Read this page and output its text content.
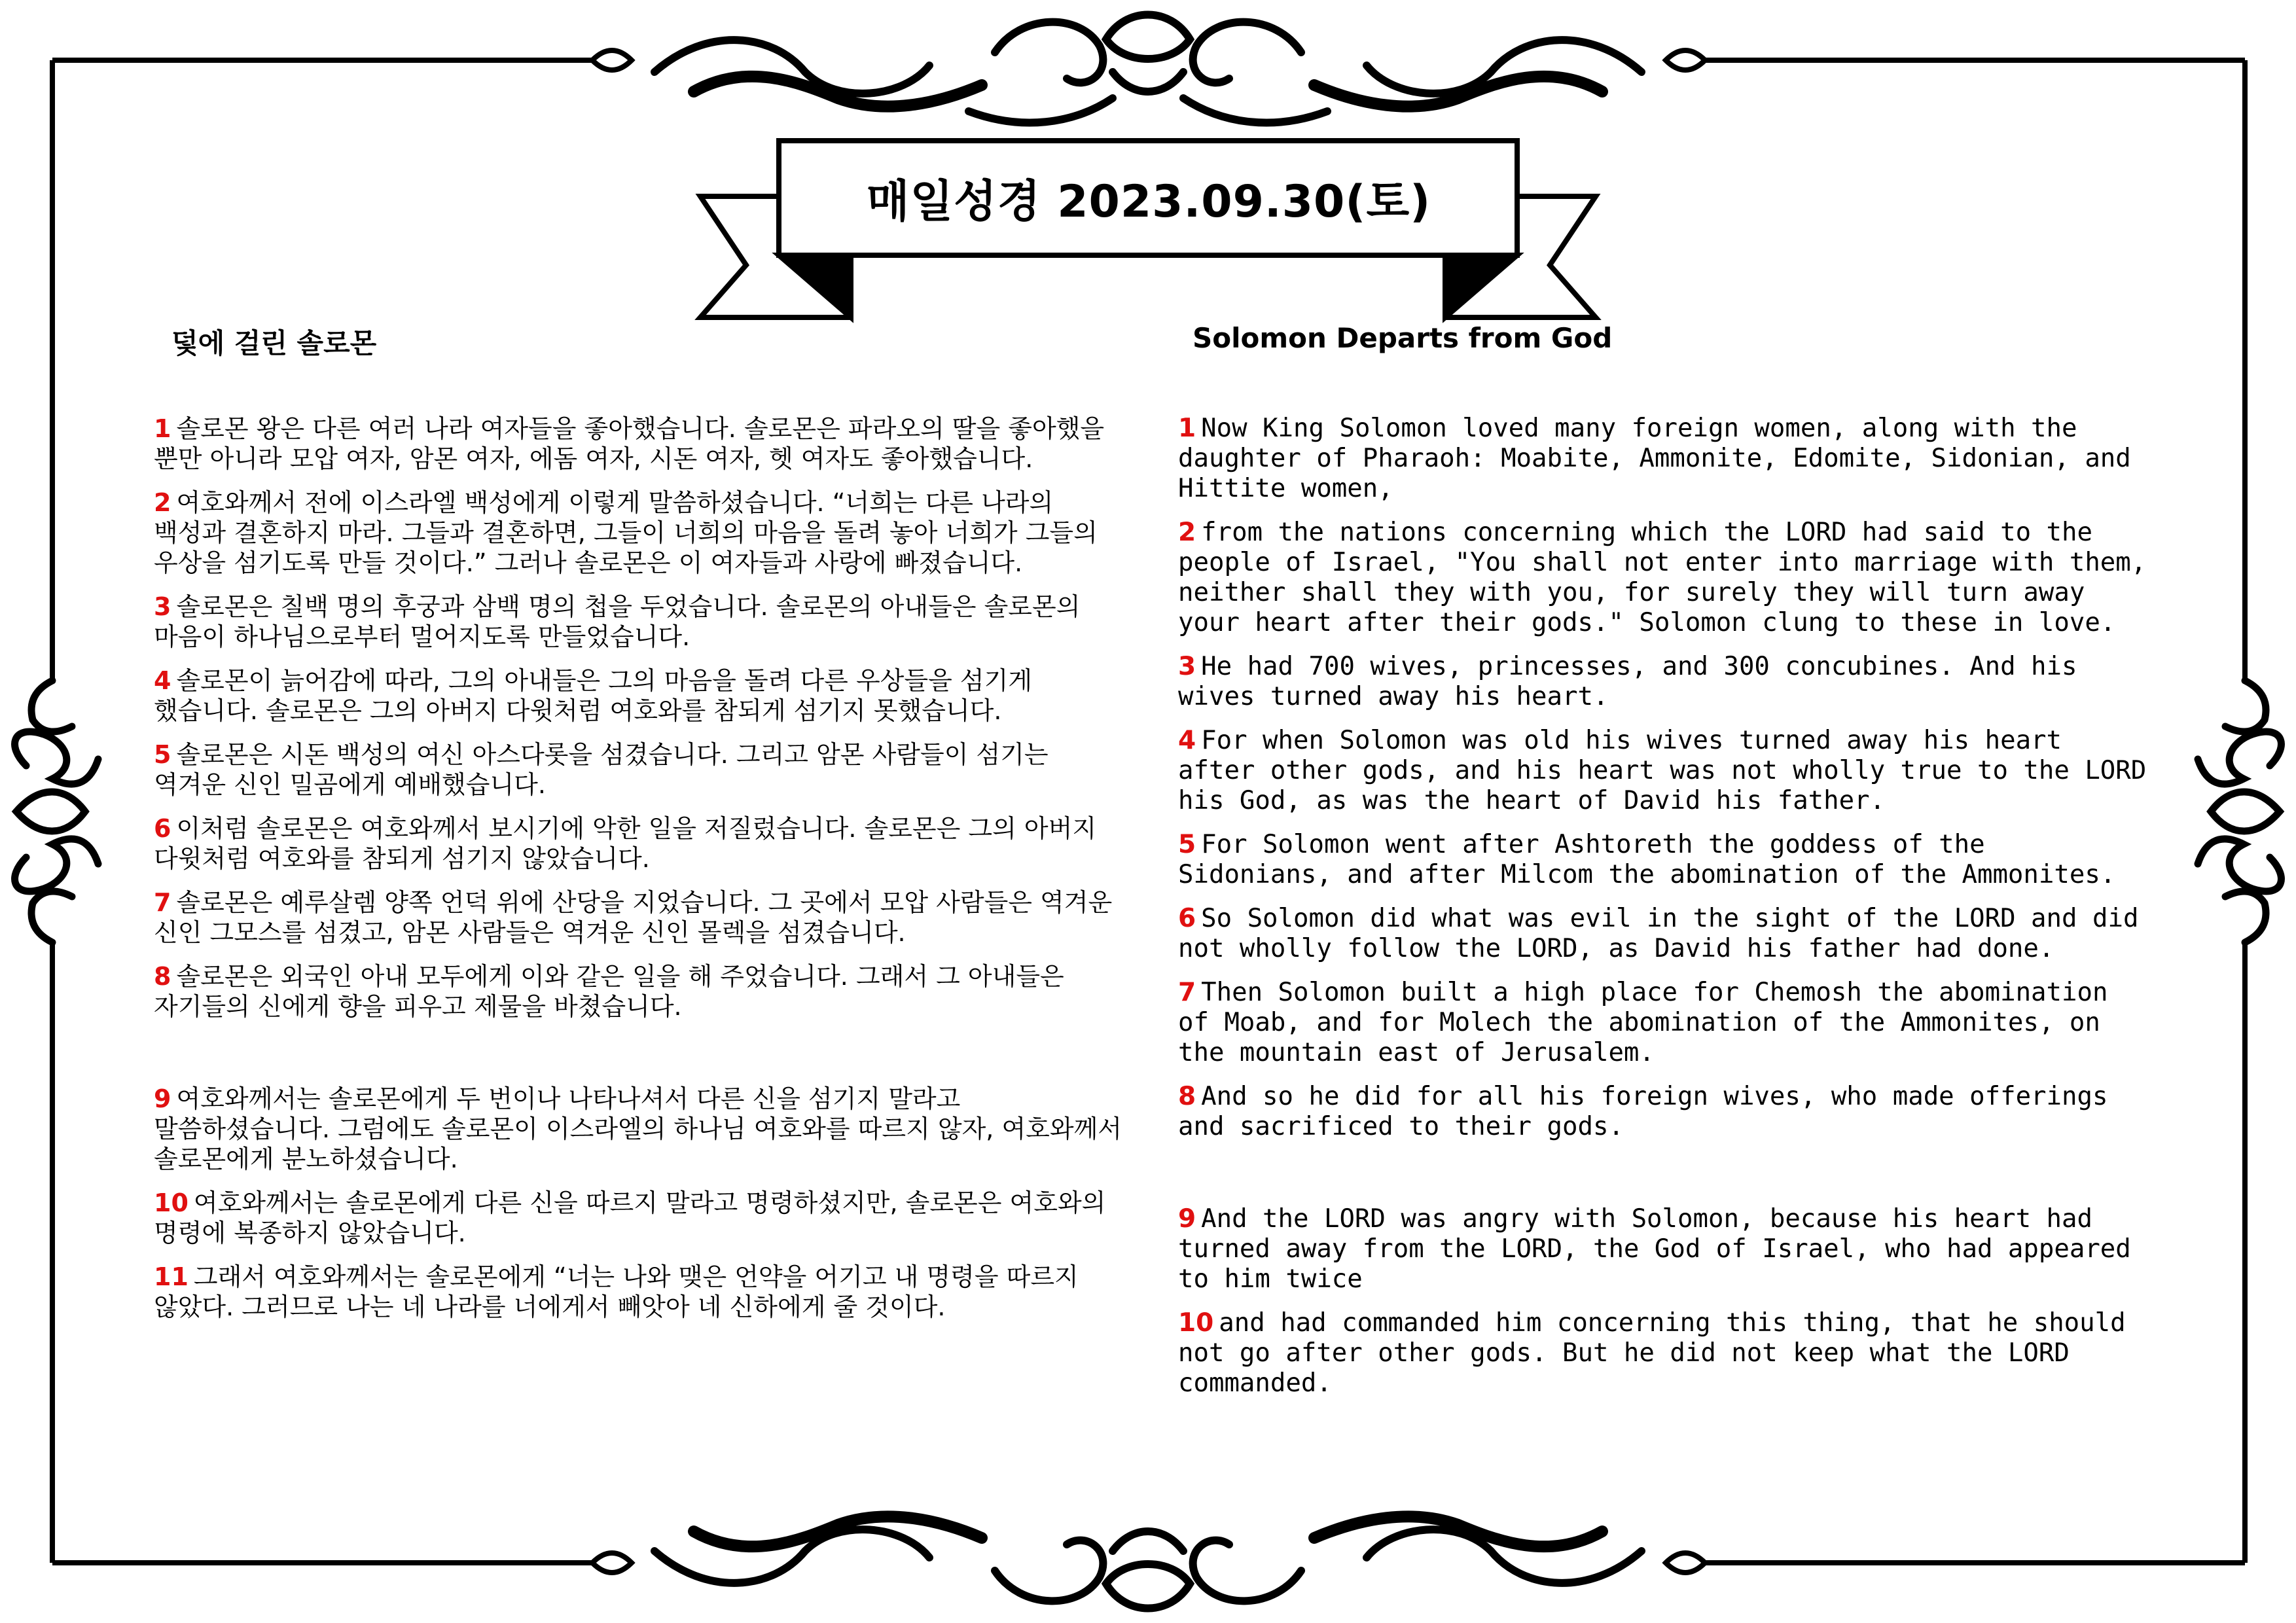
매일성경 2023.09.30(토)
덫에 걸린 솔로몬	Solomon Departs from God

1 솔로몬 왕은 다른 여러 나라 여자들을 좋아했습니다. 솔로몬은 파라오의 딸을 좋아했을 뿐만 아니라 모압 여자, 암몬 여자, 에돔 여자, 시돈 여자, 헷 여자도 좋아했습니다.

2 여호와께서 전에 이스라엘 백성에게 이렇게 말씀하셨습니다. “너희는 다른 나라의 백성과 결혼하지 마라. 그들과 결혼하면, 그들이 너희의 마음을 돌려 놓아 너희가 그들의 우상을 섬기도록 만들 것이다.” 그러나 솔로몬은 이 여자들과 사랑에 빠졌습니다.

3 솔로몬은 칠백 명의 후궁과 삼백 명의 첩을 두었습니다. 솔로몬의 아내들은 솔로몬의 마음이 하나님으로부터 멀어지도록 만들었습니다.

4 솔로몬이 늙어감에 따라, 그의 아내들은 그의 마음을 돌려 다른 우상들을 섬기게 했습니다. 솔로몬은 그의 아버지 다윗처럼 여호와를 참되게 섬기지 못했습니다.

5 솔로몬은 시돈 백성의 여신 아스다롯을 섬겼습니다. 그리고 암몬 사람들이 섬기는 역겨운 신인 밀곰에게 예배했습니다.

6 이처럼 솔로몬은 여호와께서 보시기에 악한 일을 저질렀습니다. 솔로몬은 그의 아버지 다윗처럼 여호와를 참되게 섬기지 않았습니다.

7 솔로몬은 예루살렘 양쪽 언덕 위에 산당을 지었습니다. 그 곳에서 모압 사람들은 역겨운 신인 그모스를 섬겼고, 암몬 사람들은 역겨운 신인 몰렉을 섬겼습니다.

8 솔로몬은 외국인 아내 모두에게 이와 같은 일을 해 주었습니다. 그래서 그 아내들은 자기들의 신에게 향을 피우고 제물을 바쳤습니다.

9 여호와께서는 솔로몬에게 두 번이나 나타나셔서 다른 신을 섬기지 말라고 말씀하셨습니다. 그럼에도 솔로몬이 이스라엘의 하나님 여호와를 따르지 않자, 여호와께서 솔로몬에게 분노하셨습니다.

10 여호와께서는 솔로몬에게 다른 신을 따르지 말라고 명령하셨지만, 솔로몬은 여호와의 명령에 복종하지 않았습니다.

11 그래서 여호와께서는 솔로몬에게 “너는 나와 맺은 언약을 어기고 내 명령을 따르지 않았다. 그러므로 나는 네 나라를 너에게서 빼앗아 네 신하에게 줄 것이다.

1 Now King Solomon loved many foreign women, along with the daughter of Pharaoh: Moabite, Ammonite, Edomite, Sidonian, and Hittite women,

2 from the nations concerning which the LORD had said to the people of Israel, "You shall not enter into marriage with them, neither shall they with you, for surely they will turn away your heart after their gods." Solomon clung to these in love.

3 He had 700 wives, princesses, and 300 concubines. And his wives turned away his heart.

4 For when Solomon was old his wives turned away his heart after other gods, and his heart was not wholly true to the LORD his God, as was the heart of David his father.

5 For Solomon went after Ashtoreth the goddess of the Sidonians, and after Milcom the abomination of the Ammonites.

6 So Solomon did what was evil in the sight of the LORD and did not wholly follow the LORD, as David his father had done.

7 Then Solomon built a high place for Chemosh the abomination of Moab, and for Molech the abomination of the Ammonites, on the mountain east of Jerusalem.

8 And so he did for all his foreign wives, who made offerings and sacrificed to their gods.

9 And the LORD was angry with Solomon, because his heart had turned away from the LORD, the God of Israel, who had appeared to him twice

10 and had commanded him concerning this thing, that he should not go after other gods. But he did not keep what the LORD commanded.
